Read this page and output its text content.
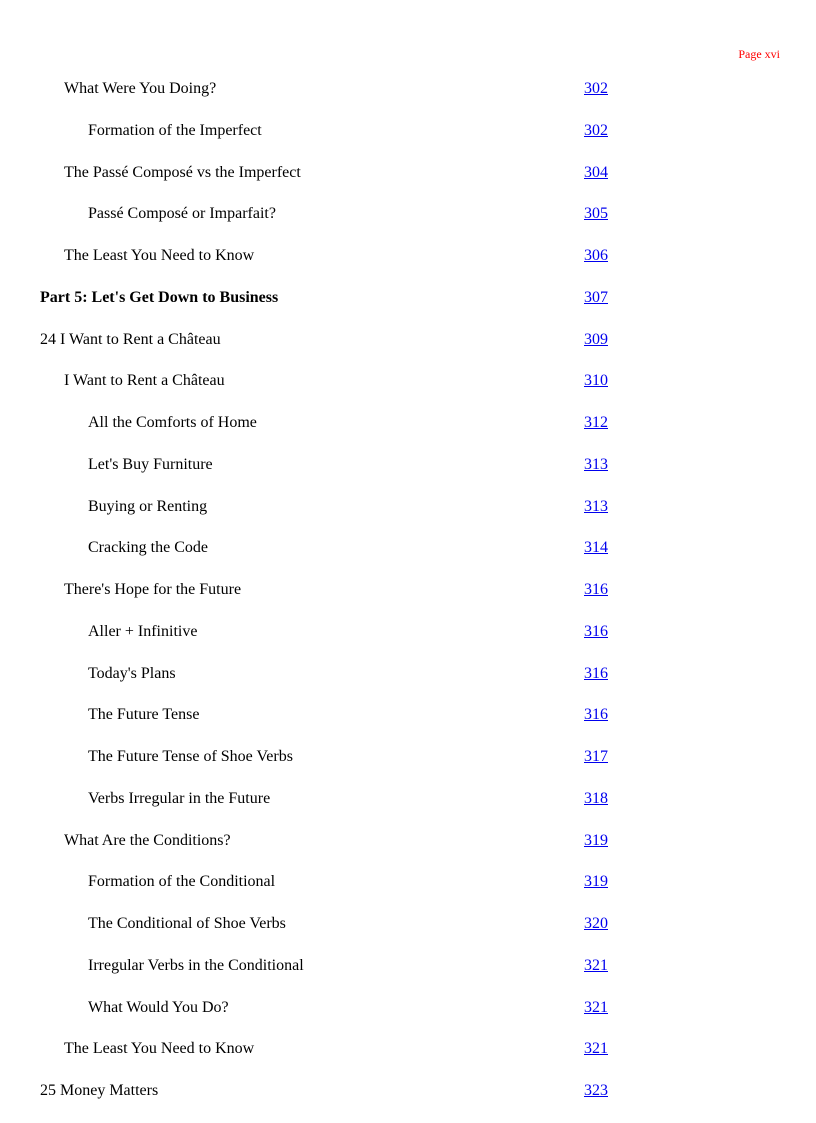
Page xvi
What Were You Doing?	302
Formation of the Imperfect	302
The Passé Composé vs the Imperfect	304
Passé Composé or Imparfait?	305
The Least You Need to Know	306
Part 5: Let's Get Down to Business	307
24 I Want to Rent a Château	309
I Want to Rent a Château	310
All the Comforts of Home	312
Let's Buy Furniture	313
Buying or Renting	313
Cracking the Code	314
There's Hope for the Future	316
Aller + Infinitive	316
Today's Plans	316
The Future Tense	316
The Future Tense of Shoe Verbs	317
Verbs Irregular in the Future	318
What Are the Conditions?	319
Formation of the Conditional	319
The Conditional of Shoe Verbs	320
Irregular Verbs in the Conditional	321
What Would You Do?	321
The Least You Need to Know	321
25 Money Matters	323
